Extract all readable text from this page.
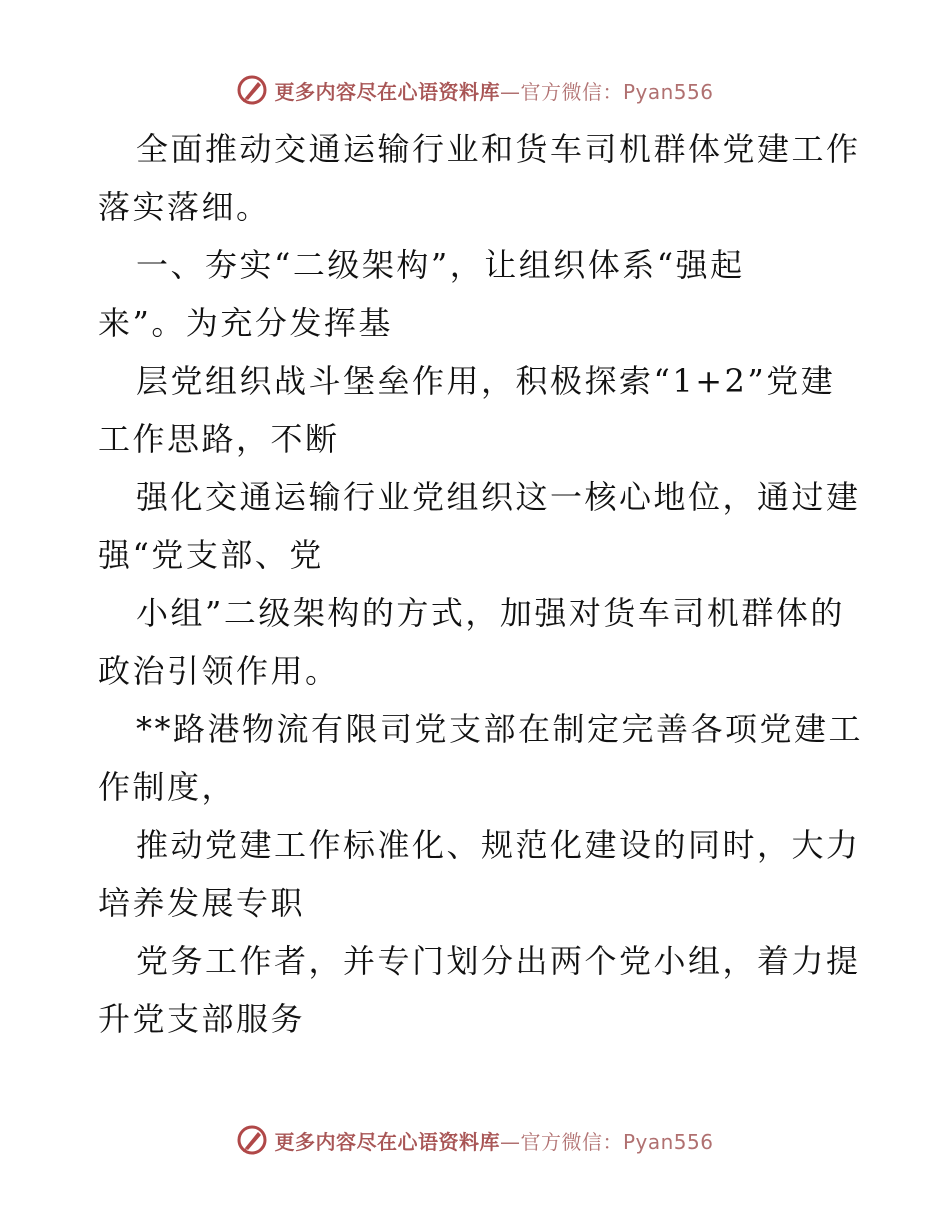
更多内容尽在心语资料库—官方微信：Pyan556
全面推动交通运输行业和货车司机群体党建工作
落实落细。
一、夯实“二级架构”，让组织体系“强起
来”。为充分发挥基
层党组织战斗堡垒作用，积极探索“1+2”党建
工作思路，不断
强化交通运输行业党组织这一核心地位，通过建
强“党支部、党
小组”二级架构的方式，加强对货车司机群体的
政治引领作用。
**路港物流有限司党支部在制定完善各项党建工
作制度，
推动党建工作标准化、规范化建设的同时，大力
培养发展专职
党务工作者，并专门划分出两个党小组，着力提
升党支部服务
更多内容尽在心语资料库—官方微信：Pyan556
